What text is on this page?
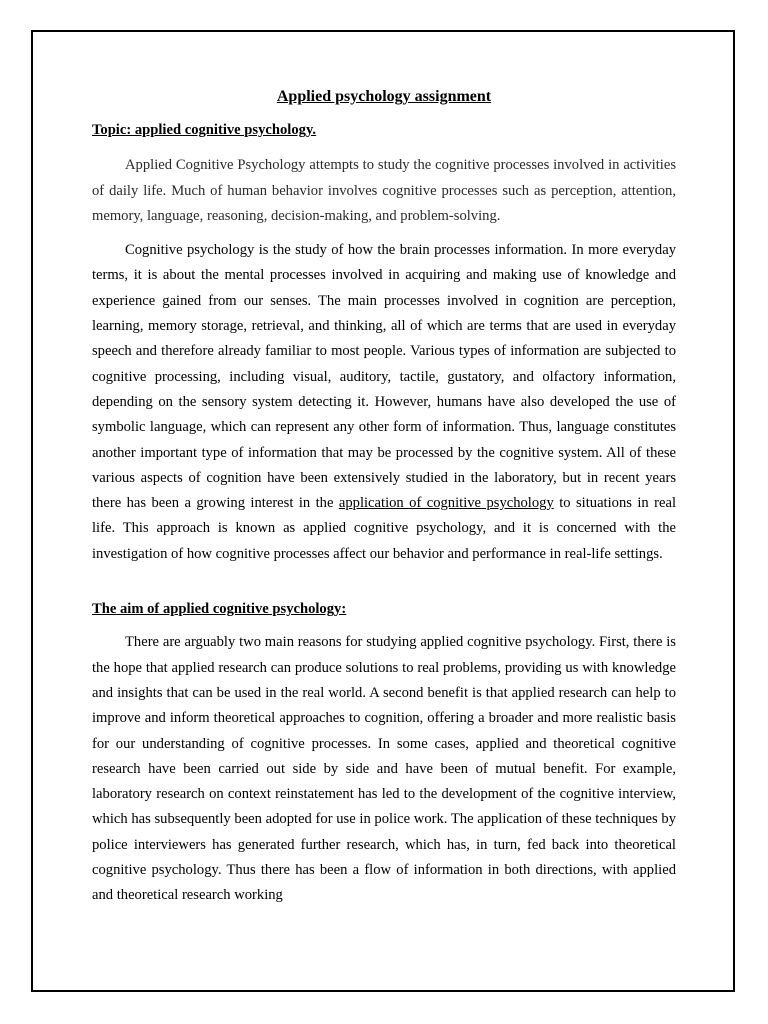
Applied psychology assignment
Topic: applied cognitive psychology.

Applied Cognitive Psychology attempts to study the cognitive processes involved in activities of daily life. Much of human behavior involves cognitive processes such as perception, attention, memory, language, reasoning, decision-making, and problem-solving.

Cognitive psychology is the study of how the brain processes information. In more everyday terms, it is about the mental processes involved in acquiring and making use of knowledge and experience gained from our senses. The main processes involved in cognition are perception, learning, memory storage, retrieval, and thinking, all of which are terms that are used in everyday speech and therefore already familiar to most people. Various types of information are subjected to cognitive processing, including visual, auditory, tactile, gustatory, and olfactory information, depending on the sensory system detecting it. However, humans have also developed the use of symbolic language, which can represent any other form of information. Thus, language constitutes another important type of information that may be processed by the cognitive system. All of these various aspects of cognition have been extensively studied in the laboratory, but in recent years there has been a growing interest in the application of cognitive psychology to situations in real life. This approach is known as applied cognitive psychology, and it is concerned with the investigation of how cognitive processes affect our behavior and performance in real-life settings.

The aim of applied cognitive psychology:

There are arguably two main reasons for studying applied cognitive psychology. First, there is the hope that applied research can produce solutions to real problems, providing us with knowledge and insights that can be used in the real world. A second benefit is that applied research can help to improve and inform theoretical approaches to cognition, offering a broader and more realistic basis for our understanding of cognitive processes. In some cases, applied and theoretical cognitive research have been carried out side by side and have been of mutual benefit. For example, laboratory research on context reinstatement has led to the development of the cognitive interview, which has subsequently been adopted for use in police work. The application of these techniques by police interviewers has generated further research, which has, in turn, fed back into theoretical cognitive psychology. Thus there has been a flow of information in both directions, with applied and theoretical research working
